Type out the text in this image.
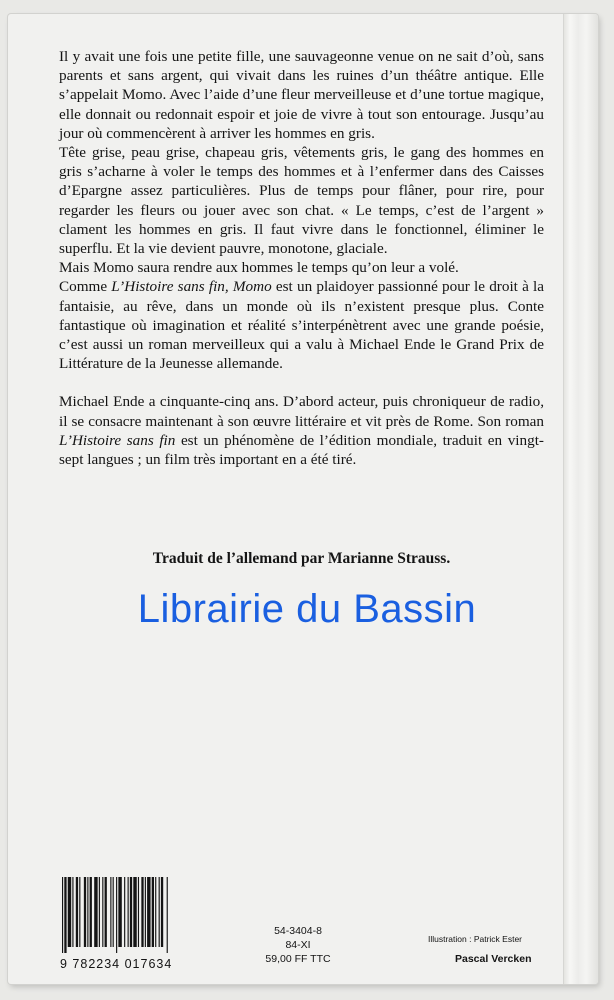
Il y avait une fois une petite fille, une sauvageonne venue on ne sait d’où, sans parents et sans argent, qui vivait dans les ruines d’un théâtre antique. Elle s’appelait Momo. Avec l’aide d’une fleur merveilleuse et d’une tortue magique, elle donnait ou redonnait espoir et joie de vivre à tout son entourage. Jusqu’au jour où commencèrent à arriver les hommes en gris.

Tête grise, peau grise, chapeau gris, vêtements gris, le gang des hommes en gris s’acharne à voler le temps des hommes et à l’enfermer dans des Caisses d’Epargne assez particulières. Plus de temps pour flâner, pour rire, pour regarder les fleurs ou jouer avec son chat. « Le temps, c’est de l’argent » clament les hommes en gris. Il faut vivre dans le fonctionnel, éliminer le superflu. Et la vie devient pauvre, monotone, glaciale.

Mais Momo saura rendre aux hommes le temps qu’on leur a volé.

Comme L’Histoire sans fin, Momo est un plaidoyer passionné pour le droit à la fantaisie, au rêve, dans un monde où ils n’existent presque plus. Conte fantastique où imagination et réalité s’interpénètrent avec une grande poésie, c’est aussi un roman merveilleux qui a valu à Michael Ende le Grand Prix de Littérature de la Jeunesse allemande.

Michael Ende a cinquante-cinq ans. D’abord acteur, puis chroniqueur de radio, il se consacre maintenant à son œuvre littéraire et vit près de Rome. Son roman L’Histoire sans fin est un phénomène de l’édition mondiale, traduit en vingt-sept langues ; un film très important en a été tiré.

Traduit de l’allemand par Marianne Strauss.
Librairie du Bassin
9 782234 017634
54-3404-8
84-XI
59,00 FF TTC
Illustration : Patrick Ester
Pascal Vercken
